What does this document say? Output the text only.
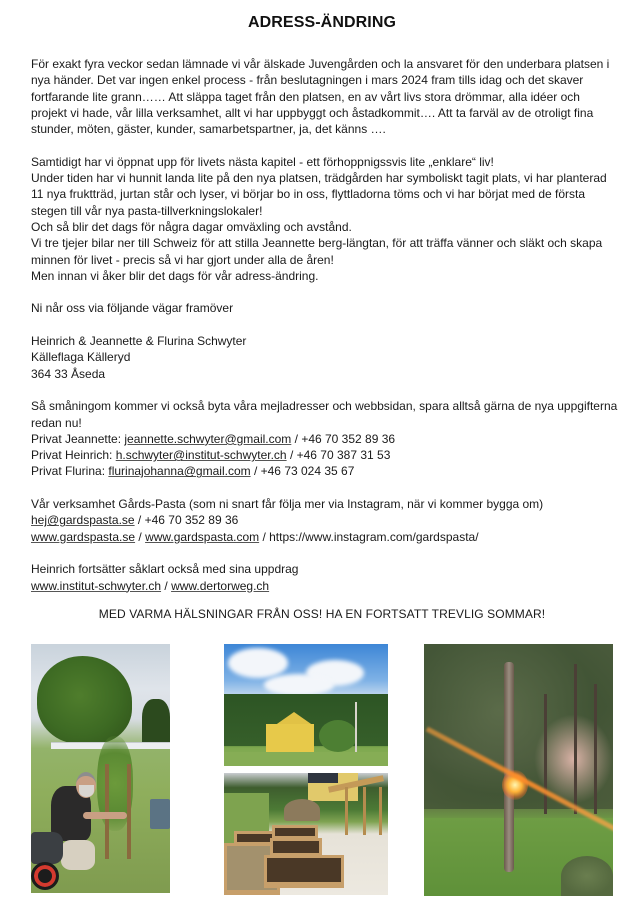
ADRESS-ÄNDRING
För exakt fyra veckor sedan lämnade vi vår älskade Juvengården och la ansvaret för den underbara platsen i
nya händer. Det var ingen enkel process - från beslutagningen i mars 2024 fram tills idag och det skaver
fortfarande lite grann…… Att släppa taget från den platsen, en av vårt livs stora drömmar, alla idéer och
projekt vi hade, vår lilla verksamhet, allt vi har uppbyggt och åstadkommit…. Att ta farväl av de otroligt fina
stunder, möten, gäster, kunder, samarbetspartner, ja, det känns ….
Samtidigt har vi öppnat upp för livets nästa kapitel - ett förhoppnigssvis lite „enklare“ liv!
Under tiden har vi hunnit landa lite på den nya platsen, trädgården har symboliskt tagit plats, vi har planterad
11 nya fruktträd, jurtan står och lyser, vi börjar bo in oss, flyttladorna töms och vi har börjat med de första
stegen till vår nya pasta-tillverkningslokaler!
Och så blir det dags för några dagar omväxling och avstånd.
Vi tre tjejer bilar ner till Schweiz för att stilla Jeannette berg-längtan, för att träffa vänner och släkt och skapa
minnen för livet - precis så vi har gjort under alla de åren!
Men innan vi åker blir det dags för vår adress-ändring.
Ni når oss via följande vägar framöver
Heinrich & Jeannette & Flurina Schwyter
Källeflaga Källeryd
364 33 Åseda
Så småningom kommer vi också byta våra mejladresser och webbsidan, spara alltså gärna de nya uppgifterna
redan nu!
Privat Jeannette: jeannette.schwyter@gmail.com / +46 70 352 89 36
Privat Heinrich: h.schwyter@institut-schwyter.ch / +46 70 387 31 53
Privat Flurina: flurinajohanna@gmail.com / +46 73 024 35 67
Vår verksamhet Gårds-Pasta (som ni snart får följa mer via Instagram, när vi kommer bygga om)
hej@gardspasta.se / +46 70 352 89 36
www.gardspasta.se / www.gardspasta.com / https://www.instagram.com/gardspasta/
Heinrich fortsätter såklart också med sina uppdrag
www.institut-schwyter.ch / www.dertorweg.ch
MED VARMA HÄLSNINGAR FRÅN OSS! HA EN FORTSATT TREVLIG SOMMAR!
